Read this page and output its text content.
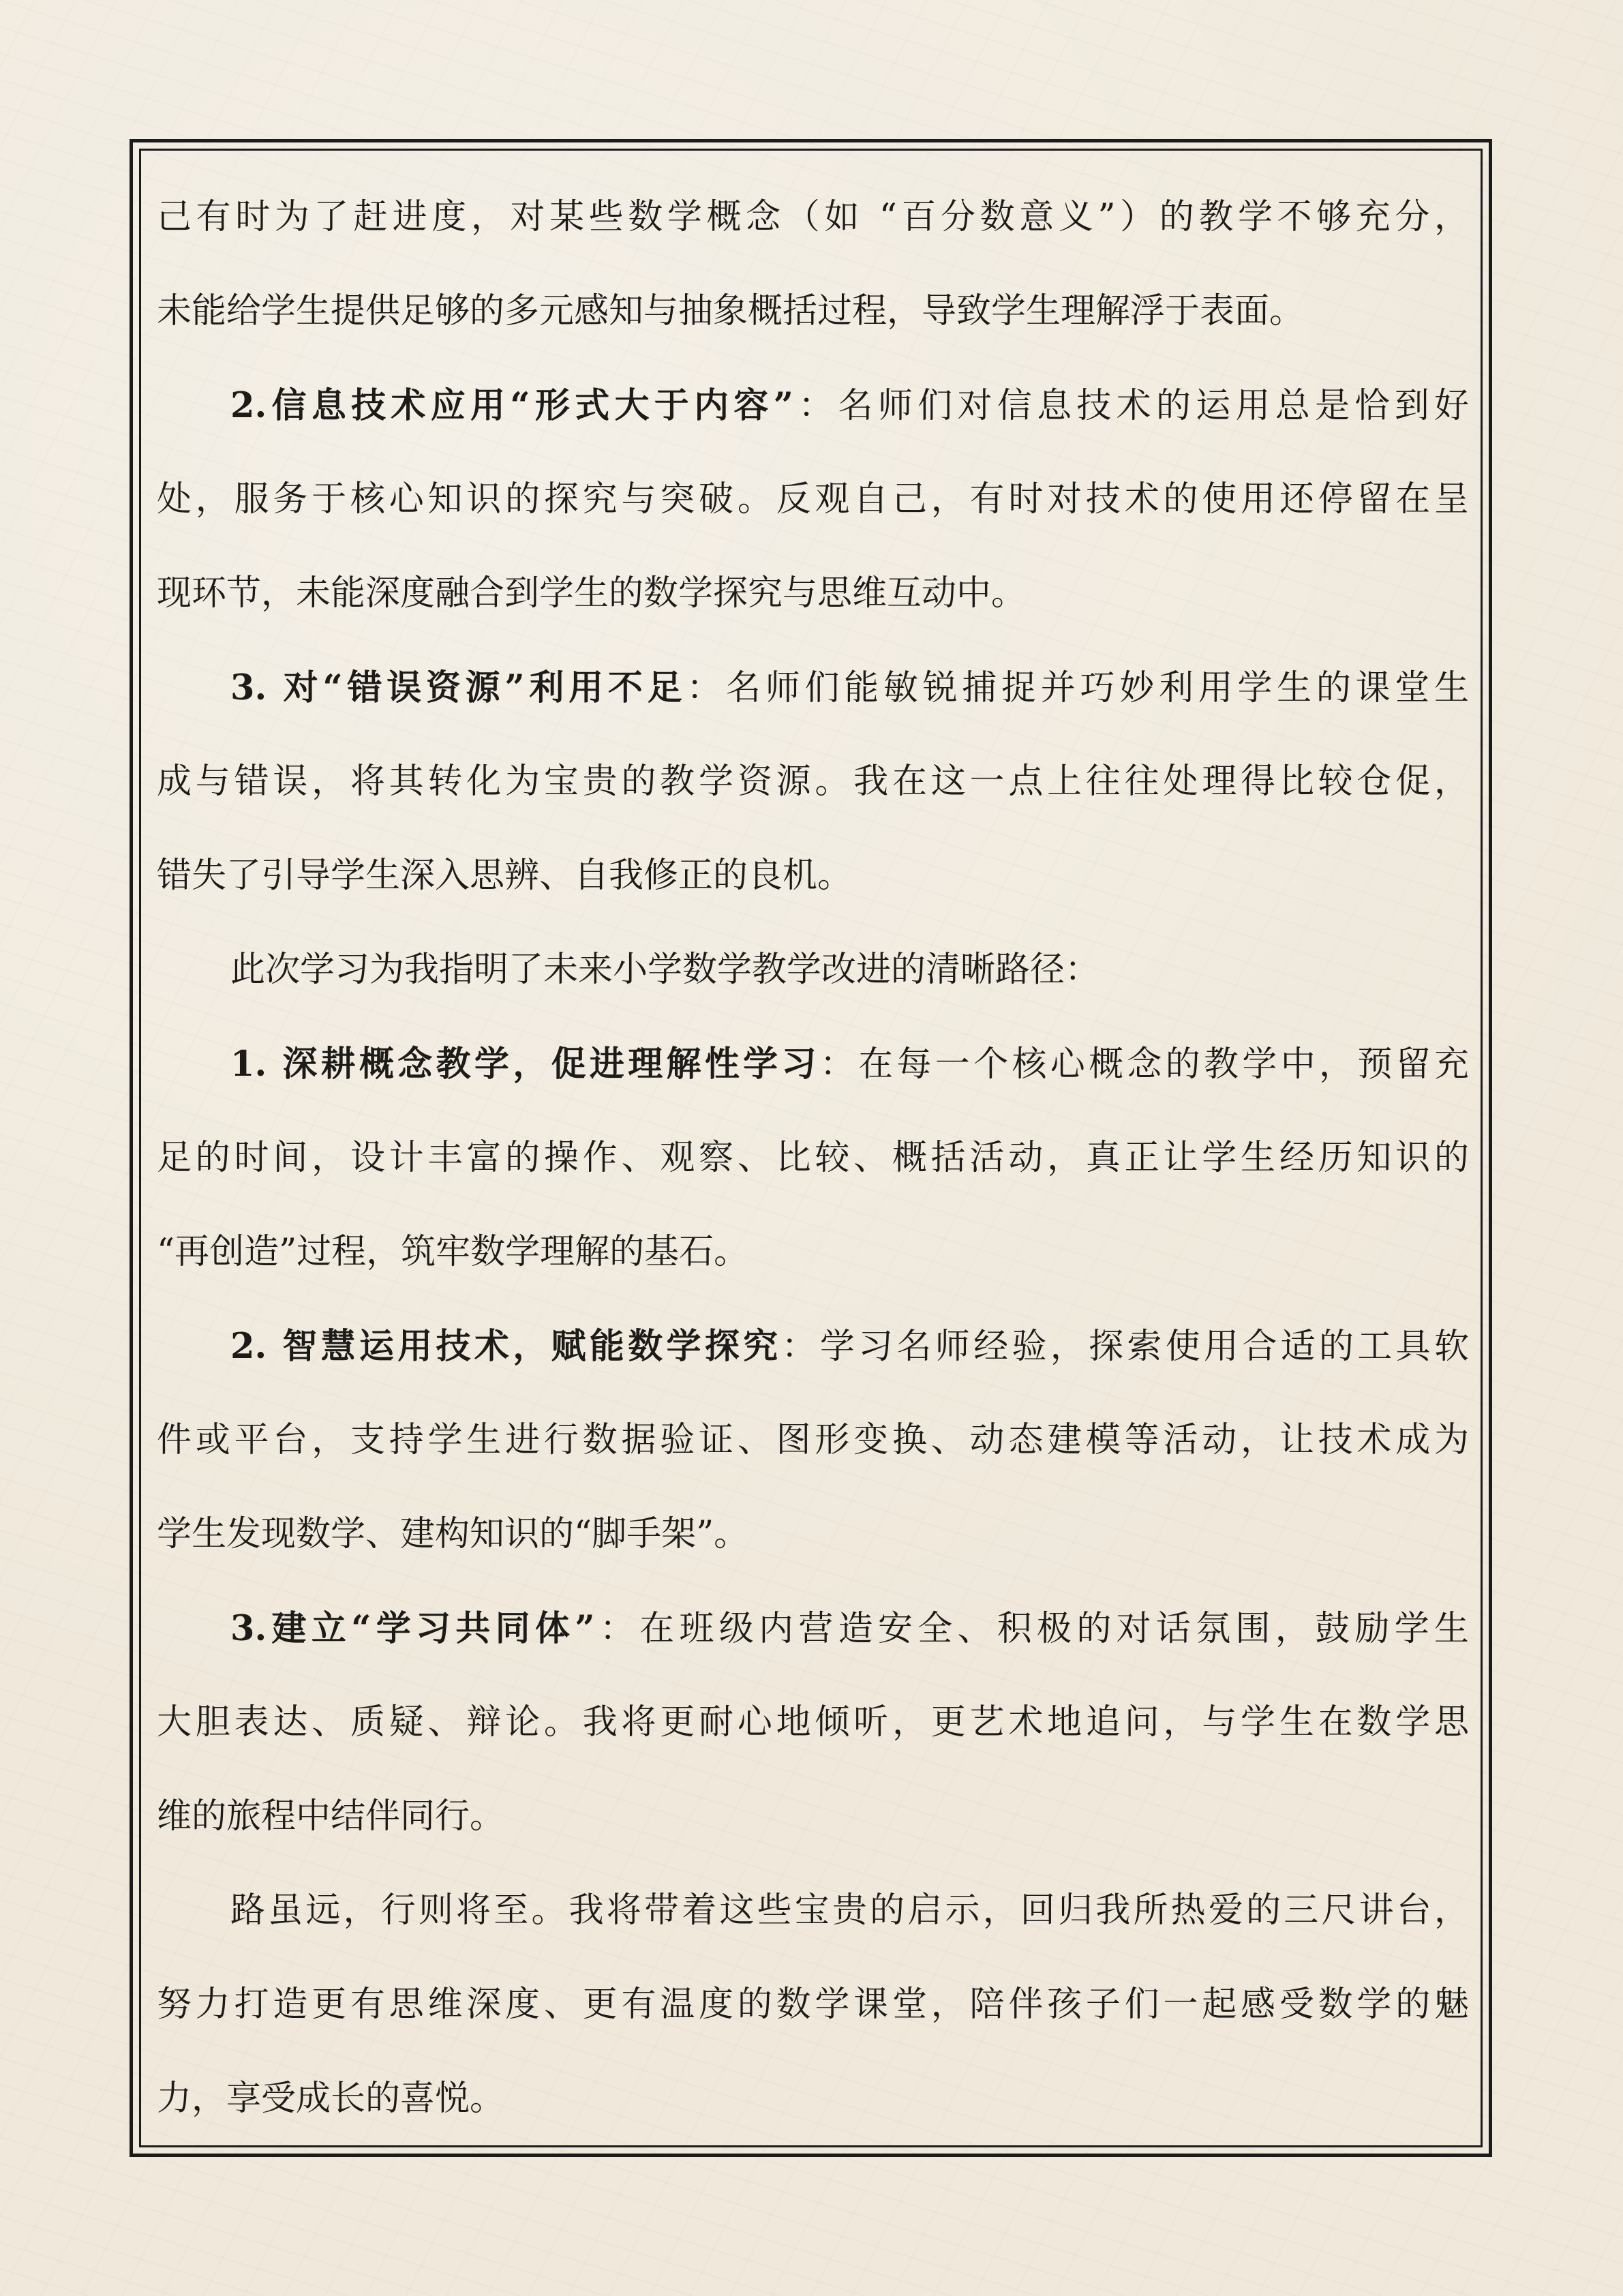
己有时为了赶进度，对某些数学概念（如 “百分数意义”）的教学不够充分，
未能给学生提供足够的多元感知与抽象概括过程，导致学生理解浮于表面。
2.信息技术应用“形式大于内容”：名师们对信息技术的运用总是恰到好
处，服务于核心知识的探究与突破。反观自己，有时对技术的使用还停留在呈
现环节，未能深度融合到学生的数学探究与思维互动中。
3. 对“错误资源”利用不足：名师们能敏锐捕捉并巧妙利用学生的课堂生
成与错误，将其转化为宝贵的教学资源。我在这一点上往往处理得比较仓促，
错失了引导学生深入思辨、自我修正的良机。
此次学习为我指明了未来小学数学教学改进的清晰路径：
1. 深耕概念教学，促进理解性学习：在每一个核心概念的教学中，预留充
足的时间，设计丰富的操作、观察、比较、概括活动，真正让学生经历知识的
“再创造”过程，筑牢数学理解的基石。
2. 智慧运用技术，赋能数学探究：学习名师经验，探索使用合适的工具软
件或平台，支持学生进行数据验证、图形变换、动态建模等活动，让技术成为
学生发现数学、建构知识的“脚手架”。
3.建立“学习共同体”：在班级内营造安全、积极的对话氛围，鼓励学生
大胆表达、质疑、辩论。我将更耐心地倾听，更艺术地追问，与学生在数学思
维的旅程中结伴同行。
路虽远，行则将至。我将带着这些宝贵的启示，回归我所热爱的三尺讲台，
努力打造更有思维深度、更有温度的数学课堂，陪伴孩子们一起感受数学的魅
力，享受成长的喜悦。
